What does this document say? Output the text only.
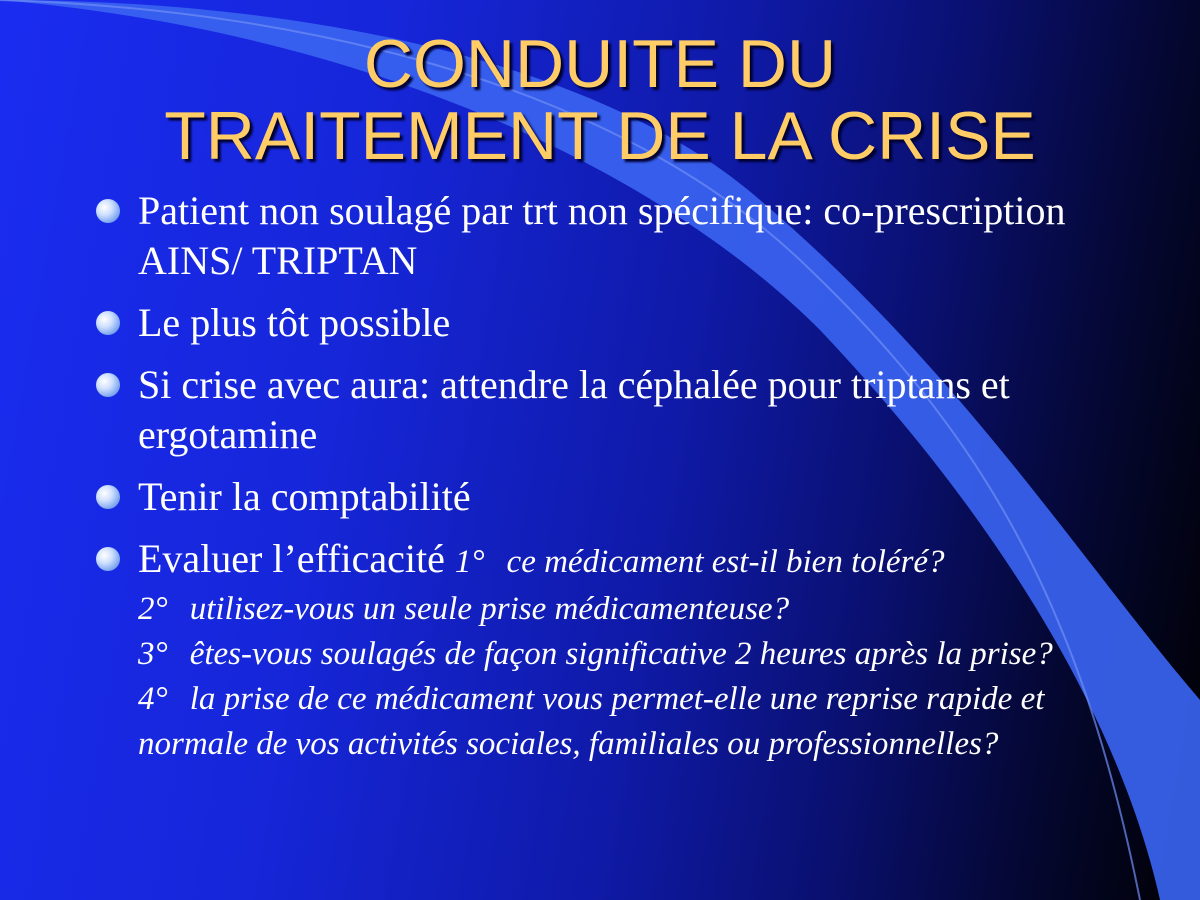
CONDUITE DU
TRAITEMENT DE LA CRISE
Patient non soulagé par trt non spécifique: co-prescription AINS/ TRIPTAN
Le plus tôt possible
Si crise avec aura: attendre la céphalée pour triptans et ergotamine
Tenir la comptabilité
Evaluer l’efficacité 1° ce médicament est-il bien toléré?
2° utilisez-vous un seule prise médicamenteuse?
3° êtes-vous soulagés de façon significative 2 heures après la prise?
4° la prise de ce médicament vous permet-elle une reprise rapide et normale de vos activités sociales, familiales ou professionnelles?
